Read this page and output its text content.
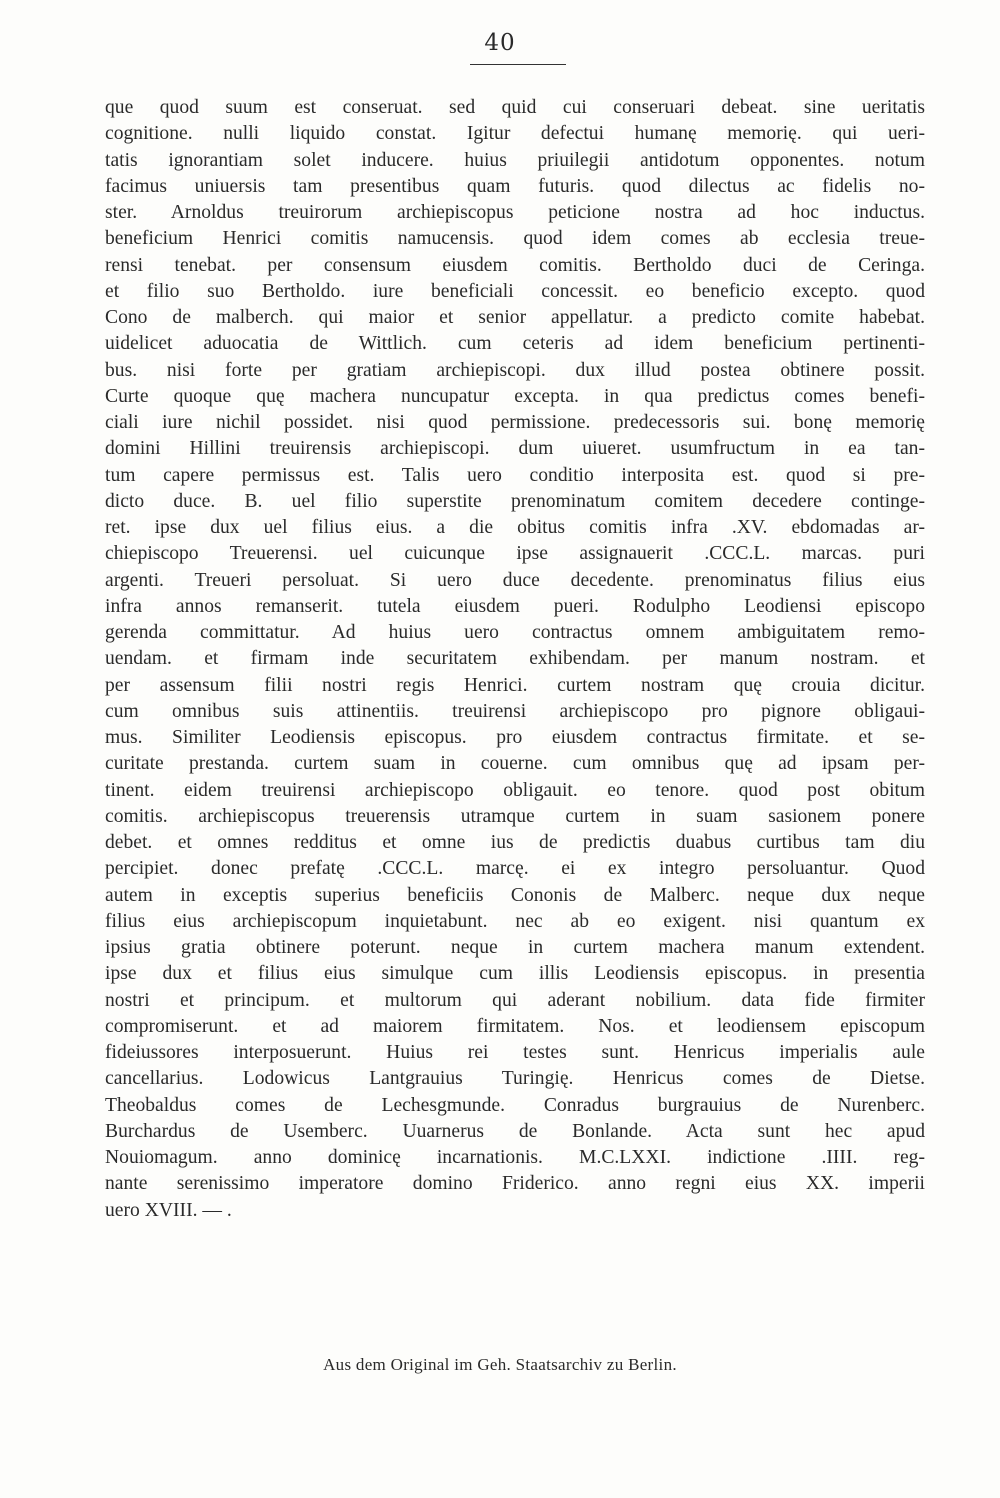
40
que quod suum est conseruat. sed quid cui conseruari debeat. sine ueritatis
cognitione. nulli liquido constat. Igitur defectui humanę memorię. qui ueri-
tatis ignorantiam solet inducere. huius priuilegii antidotum opponentes. notum
facimus uniuersis tam presentibus quam futuris. quod dilectus ac fidelis no-
ster. Arnoldus treuirorum archiepiscopus peticione nostra ad hoc inductus.
beneficium Henrici comitis namucensis. quod idem comes ab ecclesia treue-
rensi tenebat. per consensum eiusdem comitis. Bertholdo duci de Ceringa.
et filio suo Bertholdo. iure beneficiali concessit. eo beneficio excepto. quod
Cono de malberch. qui maior et senior appellatur. a predicto comite habebat.
uidelicet aduocatia de Wittlich. cum ceteris ad idem beneficium pertinenti-
bus. nisi forte per gratiam archiepiscopi. dux illud postea obtinere possit.
Curte quoque quę machera nuncupatur excepta. in qua predictus comes benefi-
ciali iure nichil possidet. nisi quod permissione. predecessoris sui. bonę memorię
domini Hillini treuirensis archiepiscopi. dum uiueret. usumfructum in ea tan-
tum capere permissus est. Talis uero conditio interposita est. quod si pre-
dicto duce. B. uel filio superstite prenominatum comitem decedere continge-
ret. ipse dux uel filius eius. a die obitus comitis infra .XV. ebdomadas ar-
chiepiscopo Treuerensi. uel cuicunque ipse assignauerit .CCC.L. marcas. puri
argenti. Treueri persoluat. Si uero duce decedente. prenominatus filius eius
infra annos remanserit. tutela eiusdem pueri. Rodulpho Leodiensi episcopo
gerenda committatur. Ad huius uero contractus omnem ambiguitatem remo-
uendam. et firmam inde securitatem exhibendam. per manum nostram. et
per assensum filii nostri regis Henrici. curtem nostram quę crouia dicitur.
cum omnibus suis attinentiis. treuirensi archiepiscopo pro pignore obligaui-
mus. Similiter Leodiensis episcopus. pro eiusdem contractus firmitate. et se-
curitate prestanda. curtem suam in couerne. cum omnibus quę ad ipsam per-
tinent. eidem treuirensi archiepiscopo obligauit. eo tenore. quod post obitum
comitis. archiepiscopus treuerensis utramque curtem in suam sasionem ponere
debet. et omnes redditus et omne ius de predictis duabus curtibus tam diu
percipiet. donec prefatę .CCC.L. marcę. ei ex integro persoluantur. Quod
autem in exceptis superius beneficiis Cononis de Malberc. neque dux neque
filius eius archiepiscopum inquietabunt. nec ab eo exigent. nisi quantum ex
ipsius gratia obtinere poterunt. neque in curtem machera manum extendent.
ipse dux et filius eius simulque cum illis Leodiensis episcopus. in presentia
nostri et principum. et multorum qui aderant nobilium. data fide firmiter
compromiserunt. et ad maiorem firmitatem. Nos. et leodiensem episcopum
fideiussores interposuerunt. Huius rei testes sunt. Henricus imperialis aule
cancellarius. Lodowicus Lantgrauius Turingię. Henricus comes de Dietse.
Theobaldus comes de Lechesgmunde. Conradus burgrauius de Nurenberc.
Burchardus de Usemberc. Uuarnerus de Bonlande. Acta sunt hec apud
Nouiomagum. anno dominicę incarnationis. M.C.LXXI. indictione .IIII. reg-
nante serenissimo imperatore domino Friderico. anno regni eius XX. imperii
uero XVIII. — .
Aus dem Original im Geh. Staatsarchiv zu Berlin.
